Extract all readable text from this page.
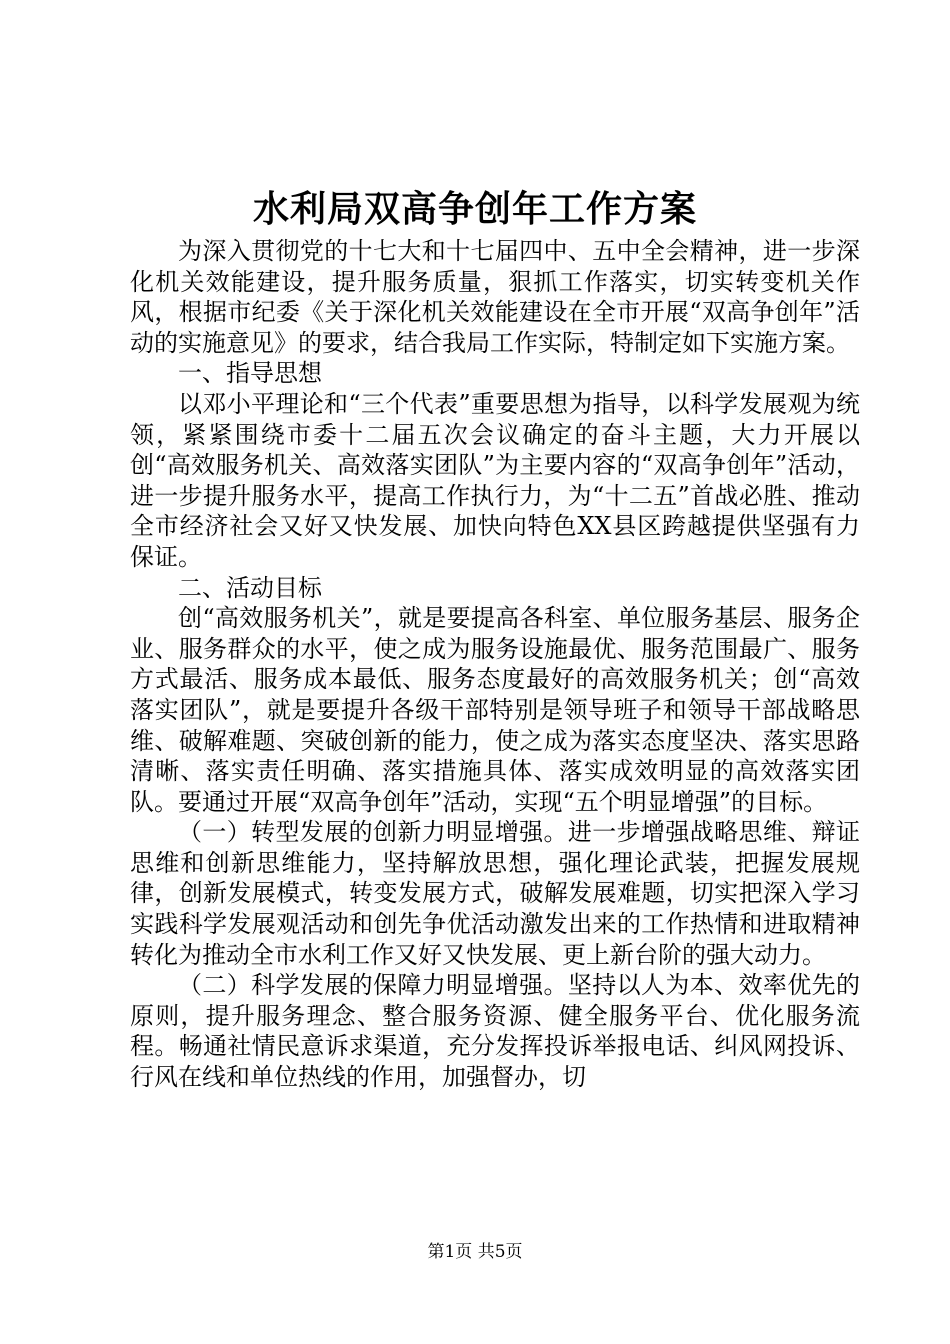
水利局双高争创年工作方案

为深入贯彻党的十七大和十七届四中、五中全会精神，进一步深化机关效能建设，提升服务质量，狠抓工作落实，切实转变机关作风，根据市纪委《关于深化机关效能建设在全市开展“双高争创年”活动的实施意见》的要求，结合我局工作实际，特制定如下实施方案。

一、指导思想

以邓小平理论和“三个代表”重要思想为指导，以科学发展观为统领，紧紧围绕市委十二届五次会议确定的奋斗主题，大力开展以创“高效服务机关、高效落实团队”为主要内容的“双高争创年”活动，进一步提升服务水平，提高工作执行力，为“十二五”首战必胜、推动全市经济社会又好又快发展、加快向特色XX县区跨越提供坚强有力保证。

二、活动目标

创“高效服务机关”，就是要提高各科室、单位服务基层、服务企业、服务群众的水平，使之成为服务设施最优、服务范围最广、服务方式最活、服务成本最低、服务态度最好的高效服务机关；创“高效落实团队”，就是要提升各级干部特别是领导班子和领导干部战略思维、破解难题、突破创新的能力，使之成为落实态度坚决、落实思路清晰、落实责任明确、落实措施具体、落实成效明显的高效落实团队。要通过开展“双高争创年”活动，实现“五个明显增强”的目标。

（一）转型发展的创新力明显增强。进一步增强战略思维、辩证思维和创新思维能力，坚持解放思想，强化理论武装，把握发展规律，创新发展模式，转变发展方式，破解发展难题，切实把深入学习实践科学发展观活动和创先争优活动激发出来的工作热情和进取精神转化为推动全市水利工作又好又快发展、更上新台阶的强大动力。

（二）科学发展的保障力明显增强。坚持以人为本、效率优先的原则，提升服务理念、整合服务资源、健全服务平台、优化服务流程。畅通社情民意诉求渠道，充分发挥投诉举报电话、纠风网投诉、行风在线和单位热线的作用，加强督办，切

第1页 共5页
